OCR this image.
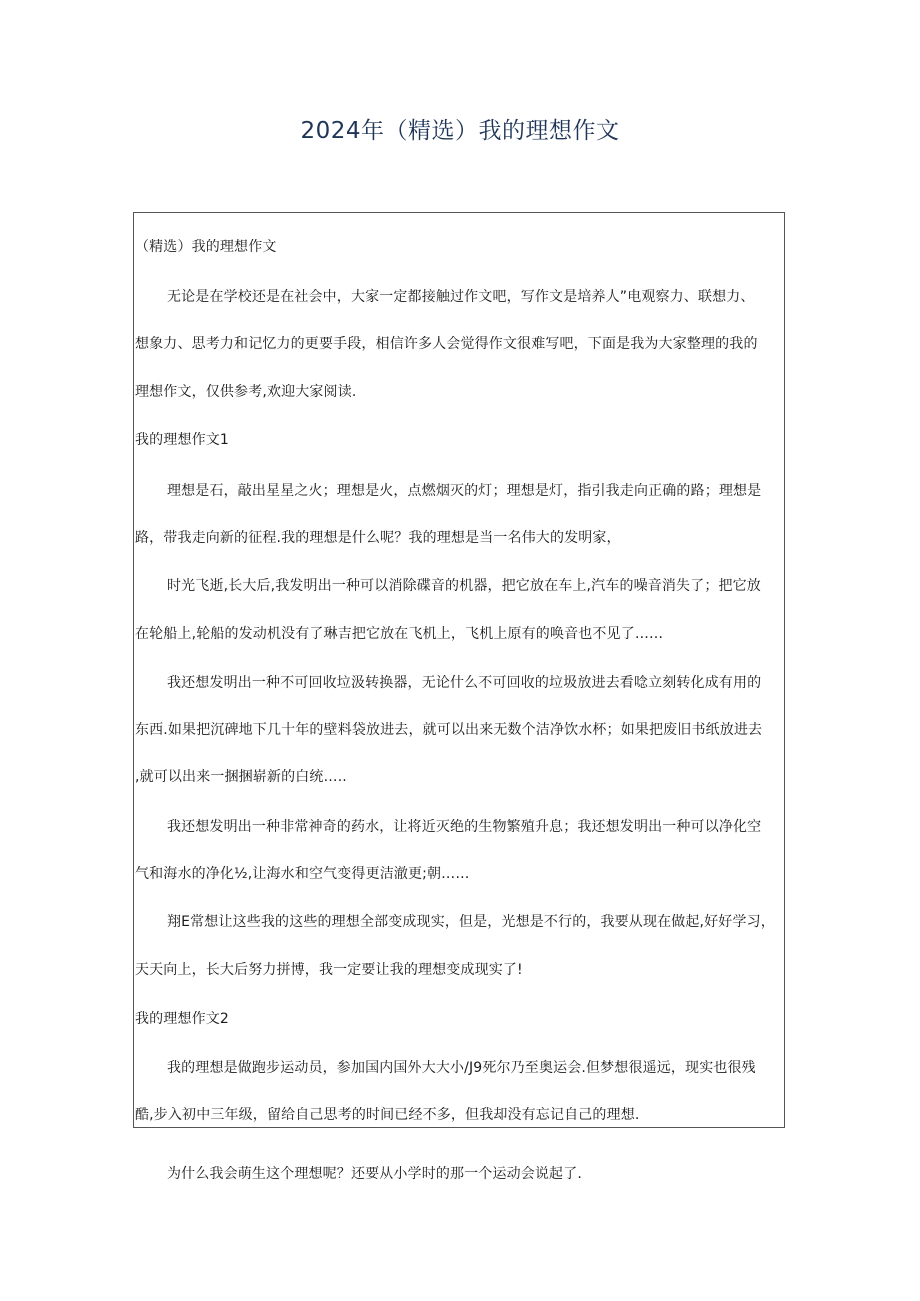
2024年（精选）我的理想作文
（精选）我的理想作文
无论是在学校还是在社会中，大家一定都接触过作文吧，写作文是培养人”电观察力、联想力、
想象力、思考力和记忆力的更要手段，相信许多人会觉得作文很难写吧，下面是我为大家整理的我的
理想作文，仅供参考,欢迎大家阅读.
我的理想作文1
理想是石，敲出星星之火；理想是火，点燃烟灭的灯；理想是灯，指引我走向正确的路；理想是
路，带我走向新的征程.我的理想是什么呢？我的理想是当一名伟大的发明家，
时光飞逝,长大后,我发明出一种可以消除碟音的机器，把它放在车上,汽车的噪音消失了；把它放
在轮船上,轮船的发动机没有了琳吉把它放在飞机上，飞机上原有的唤音也不见了……
我还想发明出一种不可回收垃汲转换器，无论什么不可回收的垃圾放进去看唸立刻转化成有用的
东西.如果把沉碑地下几十年的壁料袋放进去，就可以出来无数个洁净饮水杯；如果把废旧书纸放进去
,就可以出来一捆捆崭新的白统…..
我还想发明出一种非常神奇的药水，让将近灭绝的生物繁殖升息；我还想发明出一种可以净化空
气和海水的净化½,让海水和空气变得更洁澈更;朝……
翔E常想让这些我的这些的理想全部变成现实，但是，光想是不行的，我要从现在做起,好好学习，
天天向上，长大后努力拼博，我一定要让我的理想变成现实了!
我的理想作文2
我的理想是做跑步运动员，参加国内国外大大小/J9死尔乃至奥运会.但梦想很遥远，现实也很残
酷,步入初中三年级，留给自己思考的时间已经不多，但我却没有忘记自己的理想.
为什么我会萌生这个理想呢？还要从小学时的那一个运动会说起了.
